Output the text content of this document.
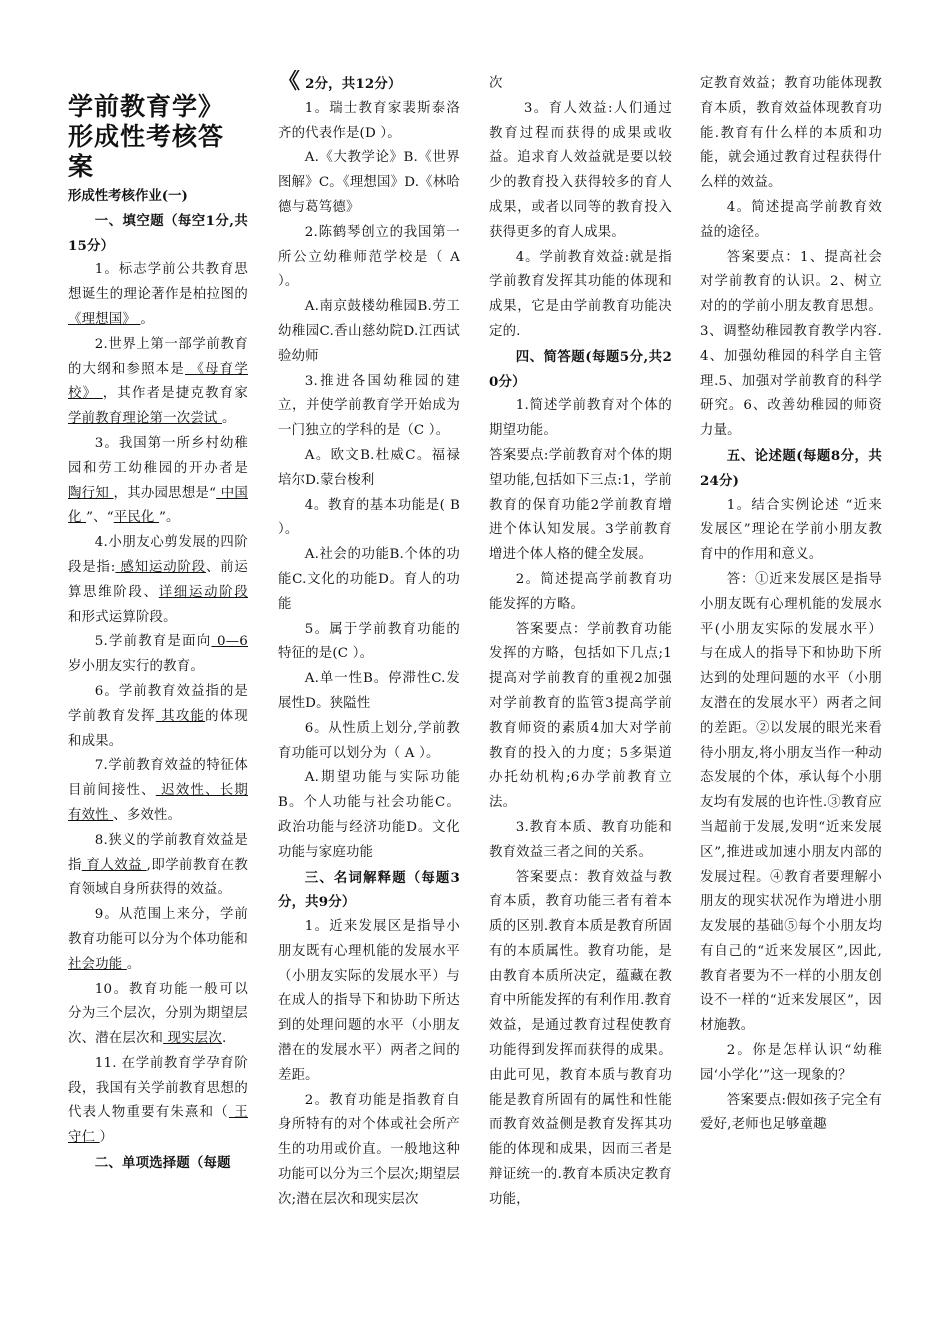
学前教育学》形成性考核答案
形成性考核作业(一)

一、填空题（每空1分,共15分）

1。标志学前公共教育思想诞生的理论著作是柏拉图的 《理想国》 。

2.世界上第一部学前教育的大纲和参照本是 《母育学校》 ，其作者是捷克教育家 学前教育理论第一次尝试 。

3。我国第一所乡村幼稚园和劳工幼稚园的开办者是 陶行知 ，其办园思想是“ 中国化 ”、“平民化 ”。

4.小朋友心剪发展的四阶段是指: 感知运动阶段、前运算思维阶段、详细运动阶段 和形式运算阶段。

5.学前教育是面向 0—6 岁小朋友实行的教育。

6。学前教育效益指的是学前教育发挥 其攻能的体现和成果。

7.学前教育效益的特征体目前间接性、 迟效性、长期有效性 、多效性。

8.狭义的学前教育效益是指 育人效益 ,即学前教育在教育领域自身所获得的效益。

9。从范围上来分，学前教育功能可以分为个体功能和 社会功能 。

10。教育功能一般可以分为三个层次，分别为期望层次、潜在层次和 现实层次.

11. 在学前教育学孕育阶段，我国有关学前教育思想的代表人物重要有朱熹和（ 王守仁 ）

二、单项选择题（每题

《 2分，共12分）

1。瑞士教育家裴斯泰洛齐的代表作是(D ）。

A.《大教学论》B.《世界图解》C。《理想国》D.《林哈德与葛笃德》

2.陈鹤琴创立的我国第一所公立幼稚师范学校是（ A ）。

A.南京鼓楼幼稚园B.劳工幼稚园C.香山慈幼院D.江西试验幼师

3.推进各国幼稚园的建立，并使学前教育学开始成为一门独立的学科的是（C ）。

A。欧文B.杜威C。福禄培尔D.蒙台梭利

4。教育的基本功能是( B ）。

A.社会的功能B.个体的功能C.文化的功能D。育人的功能

5。属于学前教育功能的特征的是(C ）。

A.单一性B。停滞性C.发展性D。狭隘性

6。从性质上划分,学前教育功能可以划分为（ A ）。

A.期望功能与实际功能B。个人功能与社会功能C。政治功能与经济功能D。文化功能与家庭功能

三、名词解释题（每题3分，共9分）

1。近来发展区是指导小朋友既有心理机能的发展水平（小朋友实际的发展水平）与在成人的指导下和协助下所达到的处理问题的水平（小朋友潜在的发展水平）两者之间的差距。

2。教育功能是指教育自身所特有的对个体或社会所产生的功用或价直。一般地这种功能可以分为三个层次;期望层次;潜在层次和现实层次

次

3。育人效益:人们通过教育过程而获得的成果或收益。追求育人效益就是要以较少的教育投入获得较多的育人成果，或者以同等的教育投入获得更多的育人成果。

4。学前教育效益:就是指学前教育发挥其功能的体现和成果，它是由学前教育功能决定的.

四、简答题(每题5分,共20分）

1.简述学前教育对个体的期望功能。

答案要点:学前教育对个体的期望功能,包括如下三点:1，学前教育的保育功能2学前教育增进个体认知发展。3学前教育增进个体人格的健全发展。

2。简述提高学前教育功能发挥的方略。

答案要点：学前教育功能发挥的方略，包括如下几点;1提高对学前教育的重视2加强对学前教育的监管3提高学前教育师资的素质4加大对学前教育的投入的力度；5多渠道办托幼机构;6办学前教育立法。

3.教育本质、教育功能和教育效益三者之间的关系。

答案要点：教育效益与教育本质，教育功能三者有着本质的区别.教育本质是教育所固有的本质属性。教育功能，是由教育本质所决定，蕴藏在教育中所能发挥的有利作用.教育效益，是通过教育过程使教育功能得到发挥而获得的成果。由此可见，教育本质与教育功能是教育所固有的属性和性能而教育效益侧是教育发挥其功能的体现和成果，因而三者是辩证统一的.教育本质决定教育功能，

定教育效益；教育功能体现教育本质，教育效益体现教育功能.教育有什么样的本质和功能，就会通过教育过程获得什么样的效益。

4。简述提高学前教育效益的途径。

答案要点：1、提高社会对学前教育的认识。2、树立对的的学前小朋友教育思想。3、调整幼稚园教育教学内容.4、加强幼稚园的科学自主管理.5、加强对学前教育的科学研究。6、改善幼稚园的师资力量。

五、论述题(每题8分，共24分)

1。结合实例论述 “近来发展区”理论在学前小朋友教育中的作用和意义。

答：①近来发展区是指导小朋友既有心理机能的发展水平(小朋友实际的发展水平）与在成人的指导下和协助下所达到的处理问题的水平（小朋友潜在的发展水平）两者之间的差距。②以发展的眼光来看待小朋友,将小朋友当作一种动态发展的个体，承认每个小朋友均有发展的也许性.③教育应当超前于发展,发明“近来发展区”,推进或加速小朋友内部的发展过程。④教育者要理解小朋友的现实状况作为增进小朋友发展的基础⑤每个小朋友均有自己的“近来发展区”,因此,教育者要为不一样的小朋友创设不一样的“近来发展区”，因材施教。

2。你是怎样认识“幼稚园‘小学化’”这一现象的？

答案要点:假如孩子完全有爱好,老师也足够童趣
